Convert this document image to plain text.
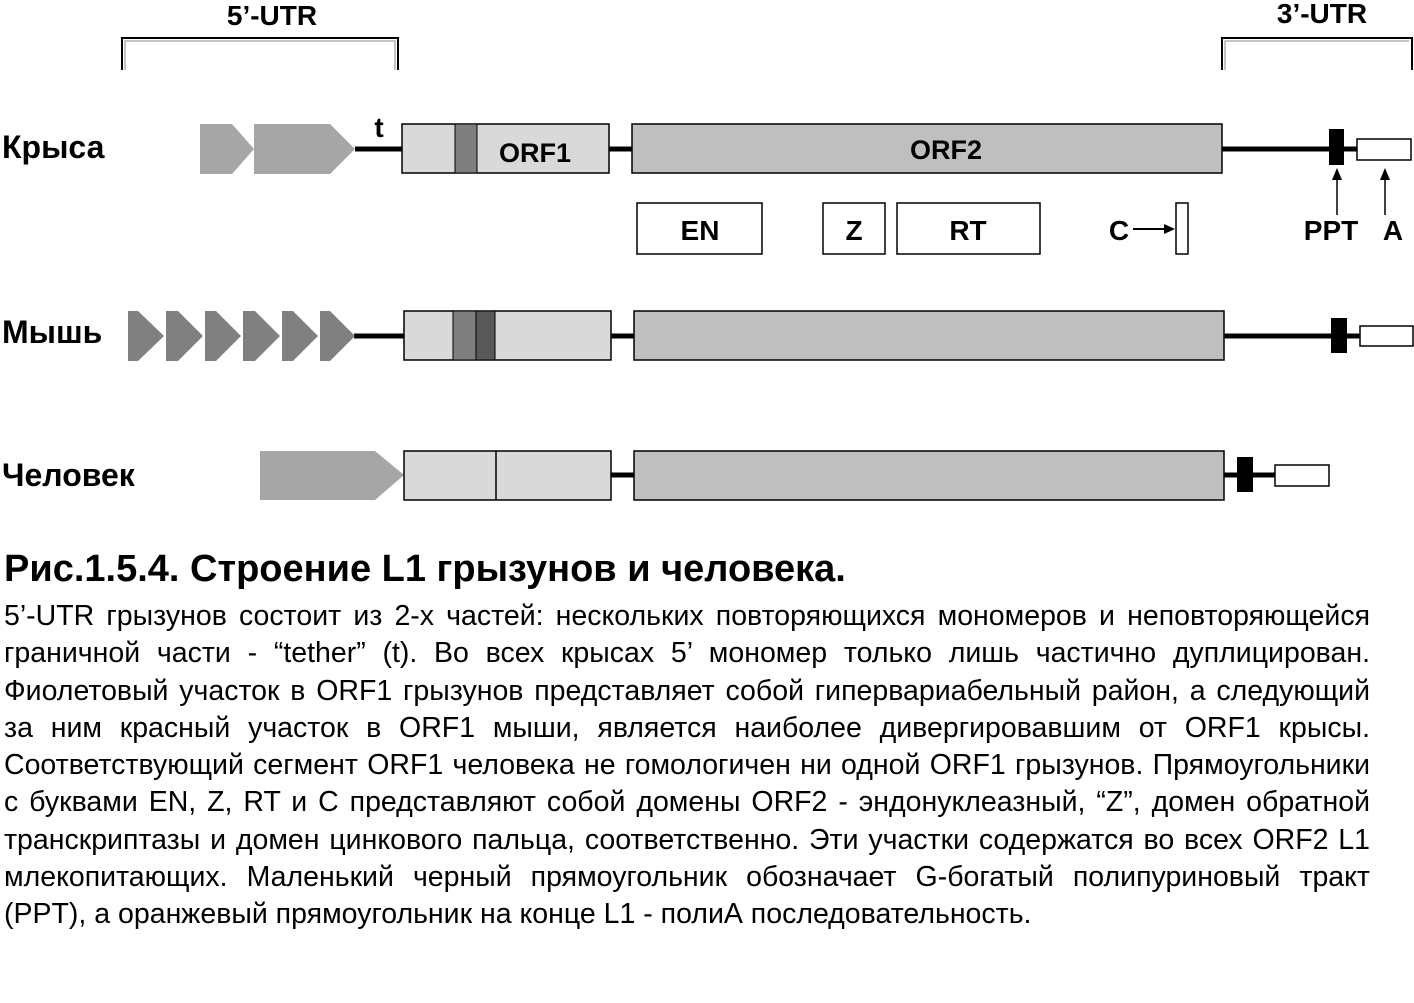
5’-UTR	3’-UTR
Крыса
t
ORF1	ORF2
EN	Z	RT	C	PPT A
Мышь
Человек
Рис.1.5.4. Строение L1 грызунов и человека.

5’-UTR грызунов состоит из 2-х частей: нескольких повторяющихся мономеров и неповторяющейся граничной части - “tether” (t). Во всех крысах 5’ мономер только лишь частично дуплицирован. Фиолетовый участок в ORF1 грызунов представляет собой гипервариабельный район, а следующий за ним красный участок в ORF1 мыши, является наиболее дивергировавшим от ORF1 крысы. Соответствующий сегмент ORF1 человека не гомологичен ни одной ORF1 грызунов. Прямоугольники с буквами EN, Z, RT и C представляют собой домены ORF2 - эндонуклеазный, “Z”, домен обратной транскриптазы и домен цинкового пальца, соответственно. Эти участки содержатся во всех ORF2 L1 млекопитающих. Маленький черный прямоугольник обозначает G-богатый полипуриновый тракт (PPT), а оранжевый прямоугольник на конце L1 - полиА последовательность.
